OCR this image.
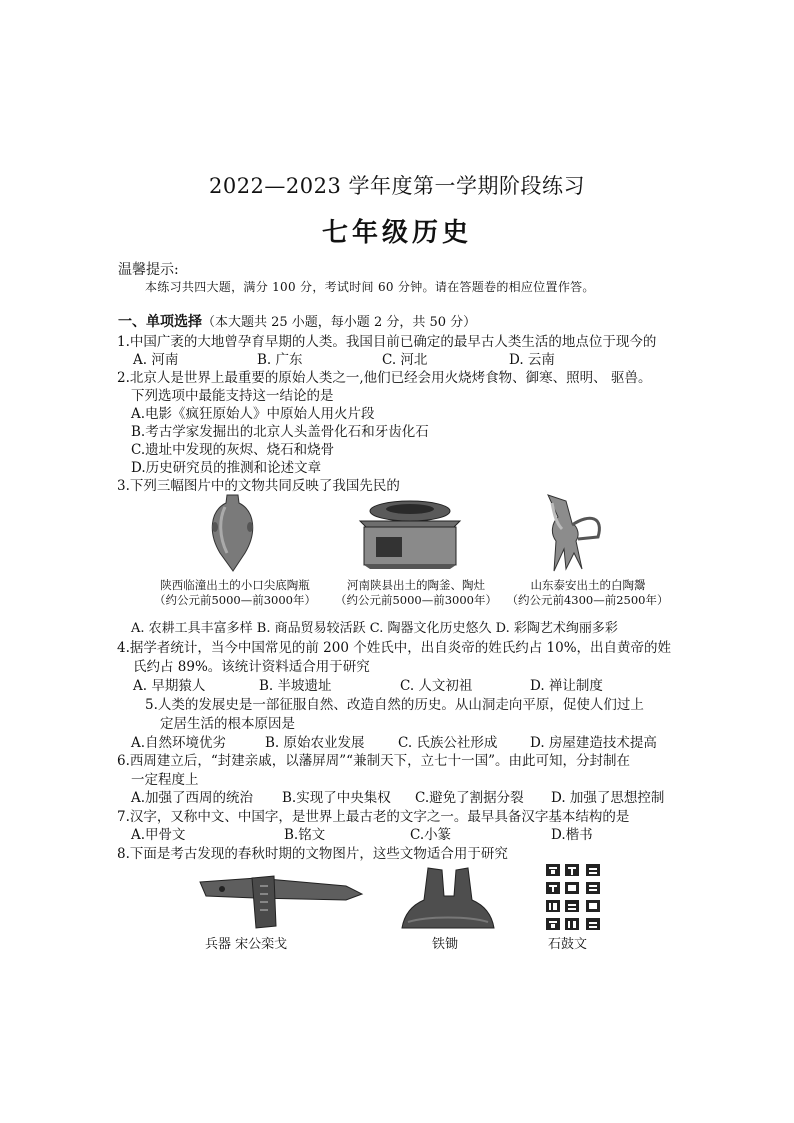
2022—2023 学年度第一学期阶段练习
七年级历史
温馨提示:
本练习共四大题，满分 100 分，考试时间 60 分钟。请在答题卷的相应位置作答。
一、单项选择（本大题共 25 小题，每小题 2 分，共 50 分）
1.中国广袤的大地曾孕育早期的人类。我国目前已确定的最早古人类生活的地点位于现今的
A. 河南	B. 广东	C. 河北	D. 云南
2.北京人是世界上最重要的原始人类之一,他们已经会用火烧烤食物、御寒、照明、 驱兽。
下列选项中最能支持这一结论的是
A.电影《疯狂原始人》中原始人用火片段
B.考古学家发掘出的北京人头盖骨化石和牙齿化石
C.遗址中发现的灰烬、烧石和烧骨
D.历史研究员的推测和论述文章
3.下列三幅图片中的文物共同反映了我国先民的
陕西临潼出土的小口尖底陶瓶
（约公元前5000—前3000年）
河南陕县出土的陶釜、陶灶
（约公元前5000—前3000年）
山东泰安出土的白陶鬶
（约公元前4300—前2500年）
A. 农耕工具丰富多样 B. 商品贸易较活跃 C. 陶器文化历史悠久 D. 彩陶艺术绚丽多彩
4.据学者统计，当今中国常见的前 200 个姓氏中，出自炎帝的姓氏约占 10%，出自黄帝的姓
氏约占 89%。该统计资料适合用于研究
A. 早期猿人	B. 半坡遗址	C. 人文初祖	D. 禅让制度
5.人类的发展史是一部征服自然、改造自然的历史。从山洞走向平原，促使人们过上
定居生活的根本原因是
A.自然环境优劣	B. 原始农业发展 C. 氏族公社形成 D. 房屋建造技术提高
6.西周建立后，“封建亲戚，以藩屏周”“兼制天下，立七十一国”。由此可知，分封制在
一定程度上
A.加强了西周的统治 B.实现了中央集权 C.避免了割据分裂 D. 加强了思想控制
7.汉字，又称中文、中国字，是世界上最古老的文字之一。最早具备汉字基本结构的是
A.甲骨文	B.铭文	C.小篆	D.楷书
8.下面是考古发现的春秋时期的文物图片，这些文物适合用于研究
兵器 宋公栾戈	铁锄	石鼓文
